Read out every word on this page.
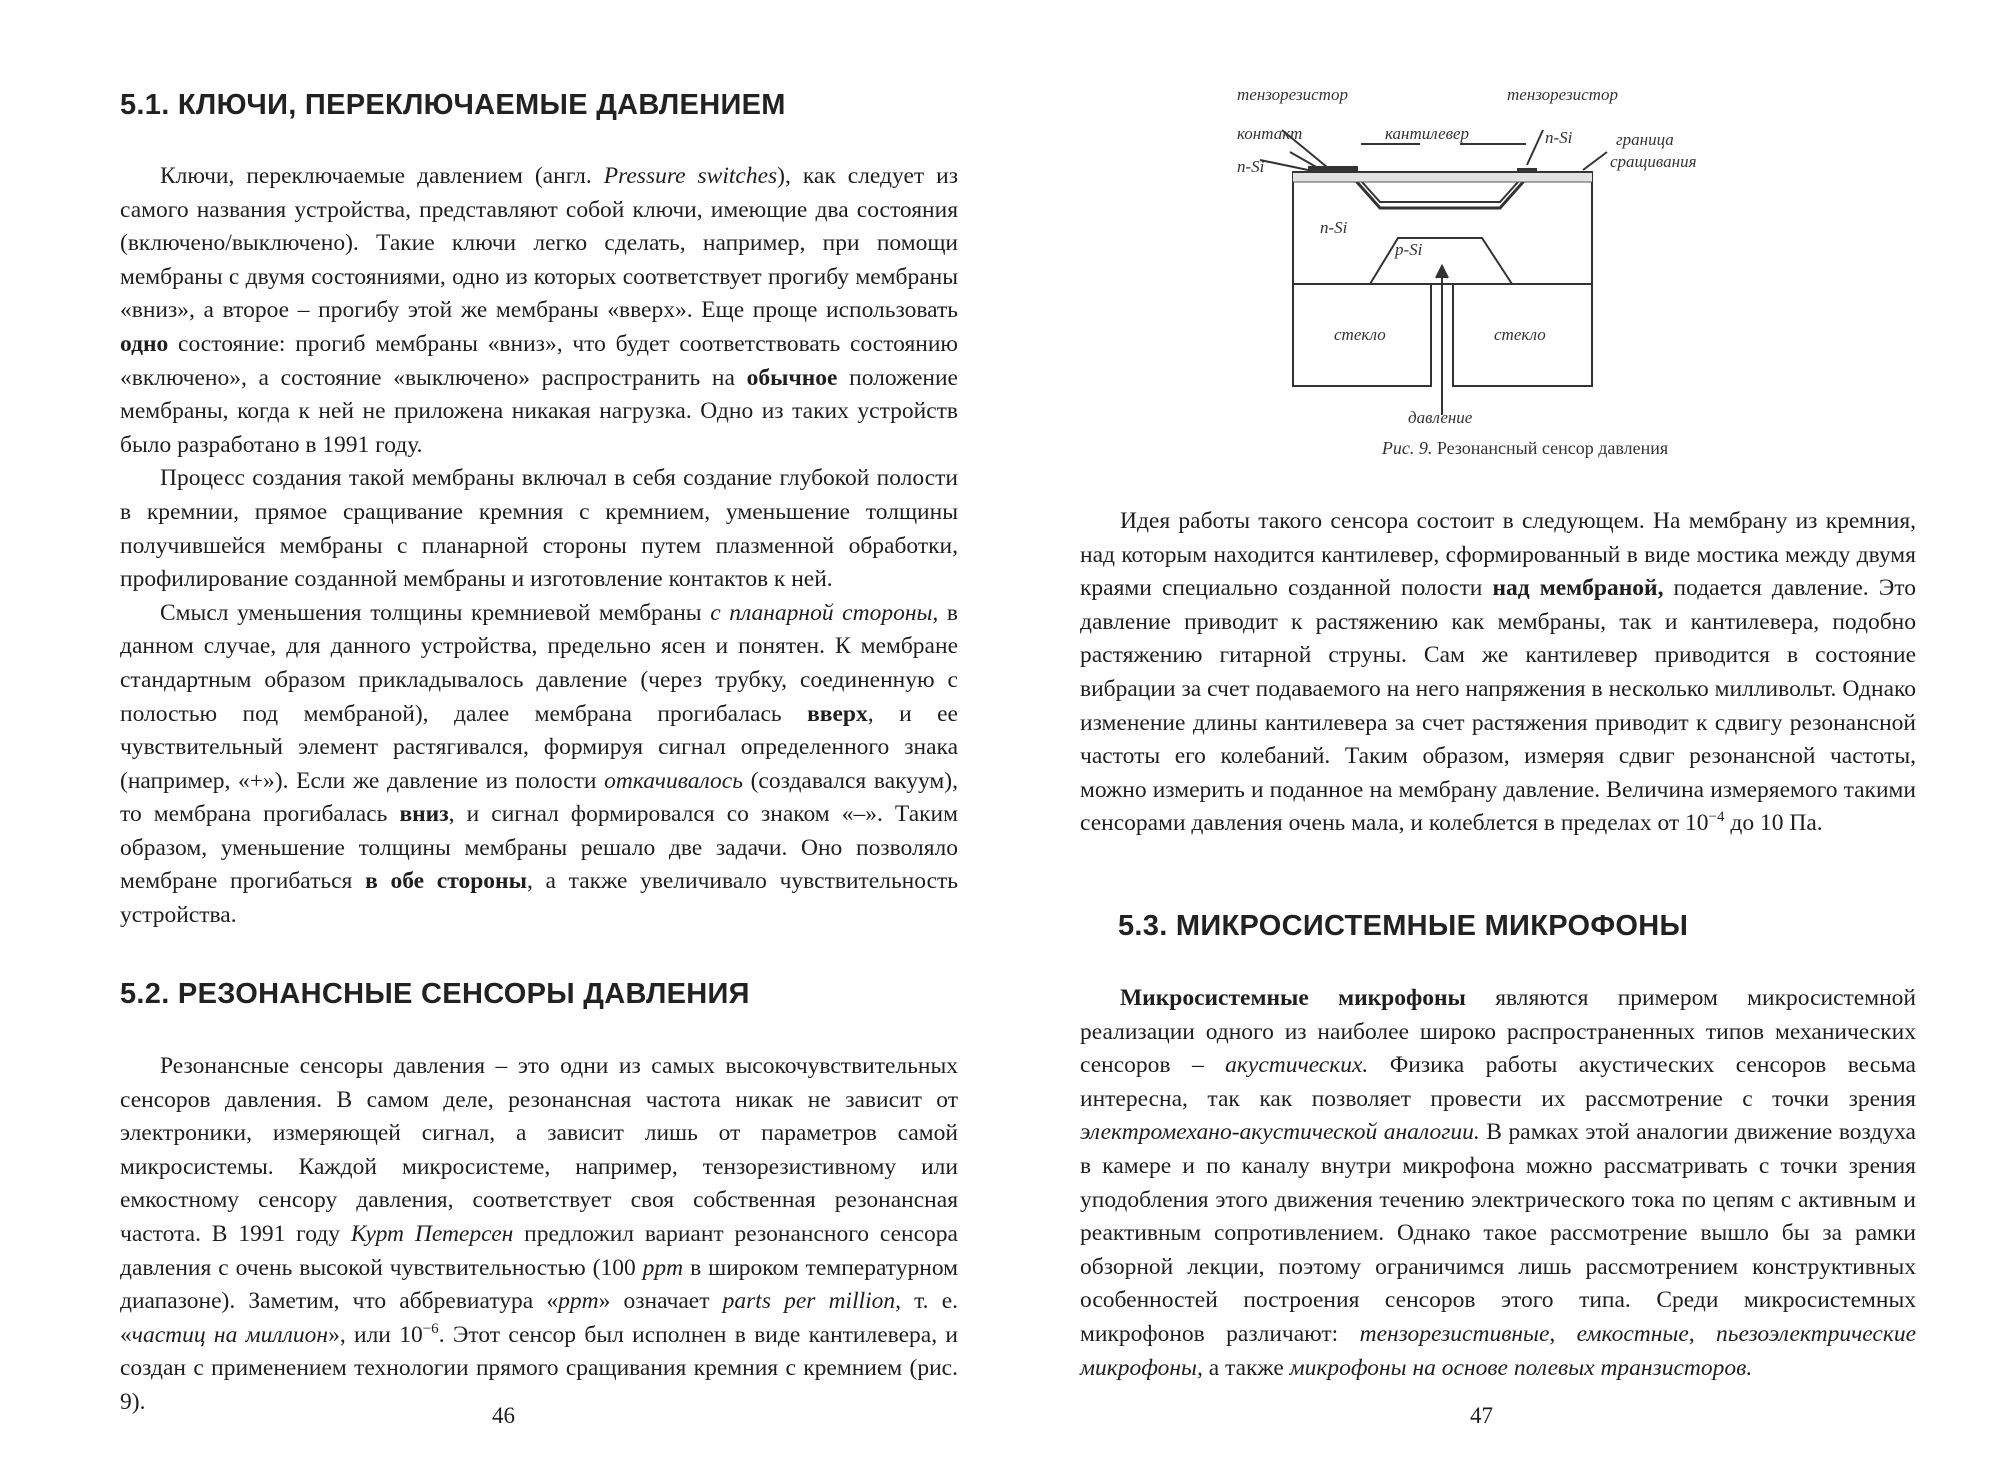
5.1. КЛЮЧИ, ПЕРЕКЛЮЧАЕМЫЕ ДАВЛЕНИЕМ

Ключи, переключаемые давлением (англ. Pressure switches), как следует из самого названия устройства, представляют собой ключи, имеющие два состояния (включено/выключено). Такие ключи легко сделать, например, при помощи мембраны с двумя состояниями, одно из которых соответствует прогибу мембраны «вниз», а второе – прогибу этой же мембраны «вверх». Еще проще использовать одно состояние: прогиб мембраны «вниз», что будет соответствовать состоянию «включено», а состояние «выключено» распространить на обычное положение мембраны, когда к ней не приложена никакая нагрузка. Одно из таких устройств было разработано в 1991 году.

Процесс создания такой мембраны включал в себя создание глубокой полости в кремнии, прямое сращивание кремния с кремнием, уменьшение толщины получившейся мембраны с планарной стороны путем плазменной обработки, профилирование созданной мембраны и изготовление контактов к ней.

Смысл уменьшения толщины кремниевой мембраны с планарной стороны, в данном случае, для данного устройства, предельно ясен и понятен. К мембране стандартным образом прикладывалось давление (через трубку, соединенную с полостью под мембраной), далее мембрана прогибалась вверх, и ее чувствительный элемент растягивался, формируя сигнал определенного знака (например, «+»). Если же давление из полости откачивалось (создавался вакуум), то мембрана прогибалась вниз, и сигнал формировался со знаком «–». Таким образом, уменьшение толщины мембраны решало две задачи. Оно позволяло мембране прогибаться в обе стороны, а также увеличивало чувствительность устройства.

5.2. РЕЗОНАНСНЫЕ СЕНСОРЫ ДАВЛЕНИЯ

Резонансные сенсоры давления – это одни из самых высокочувствительных сенсоров давления. В самом деле, резонансная частота никак не зависит от электроники, измеряющей сигнал, а зависит лишь от параметров самой микросистемы. Каждой микросистеме, например, тензорезистивному или емкостному сенсору давления, соответствует своя собственная резонансная частота. В 1991 году Курт Петерсен предложил вариант резонансного сенсора давления с очень высокой чувствительностью (100 ppm в широком температурном диапазоне). Заметим, что аббревиатура «ppm» означает parts per million, т. е. «частиц на миллион», или $10^{-6}$. Этот сенсор был исполнен в виде кантилевера, и создан с применением технологии прямого сращивания кремния с кремнием (рис. 9).

46
тензорезистор	тензорезистор
контакт	кантилевер	n-Si	граница
сращивания
n-Si
n-Si
p-Si
стекло	стекло
давление
Рис. 9. Резонансный сенсор давления

Идея работы такого сенсора состоит в следующем. На мембрану из кремния, над которым находится кантилевер, сформированный в виде мостика между двумя краями специально созданной полости над мембраной, подается давление. Это давление приводит к растяжению как мембраны, так и кантилевера, подобно растяжению гитарной струны. Сам же кантилевер приводится в состояние вибрации за счет подаваемого на него напряжения в несколько милливольт. Однако изменение длины кантилевера за счет растяжения приводит к сдвигу резонансной частоты его колебаний. Таким образом, измеряя сдвиг резонансной частоты, можно измерить и поданное на мембрану давление. Величина измеряемого такими сенсорами давления очень мала, и колеблется в пределах от $10^{-4}$ до 10 Па.

5.3. МИКРОСИСТЕМНЫЕ МИКРОФОНЫ

Микросистемные микрофоны являются примером микросистемной реализации одного из наиболее широко распространенных типов механических сенсоров – акустических. Физика работы акустических сенсоров весьма интересна, так как позволяет провести их рассмотрение с точки зрения электромехано-акустической аналогии. В рамках этой аналогии движение воздуха в камере и по каналу внутри микрофона можно рассматривать с точки зрения уподобления этого движения течению электрического тока по цепям с активным и реактивным сопротивлением. Однако такое рассмотрение вышло бы за рамки обзорной лекции, поэтому ограничимся лишь рассмотрением конструктивных особенностей построения сенсоров этого типа. Среди микросистемных микрофонов различают: тензорезистивные, емкостные, пьезоэлектрические микрофоны, а также микрофоны на основе полевых транзисторов.

47
